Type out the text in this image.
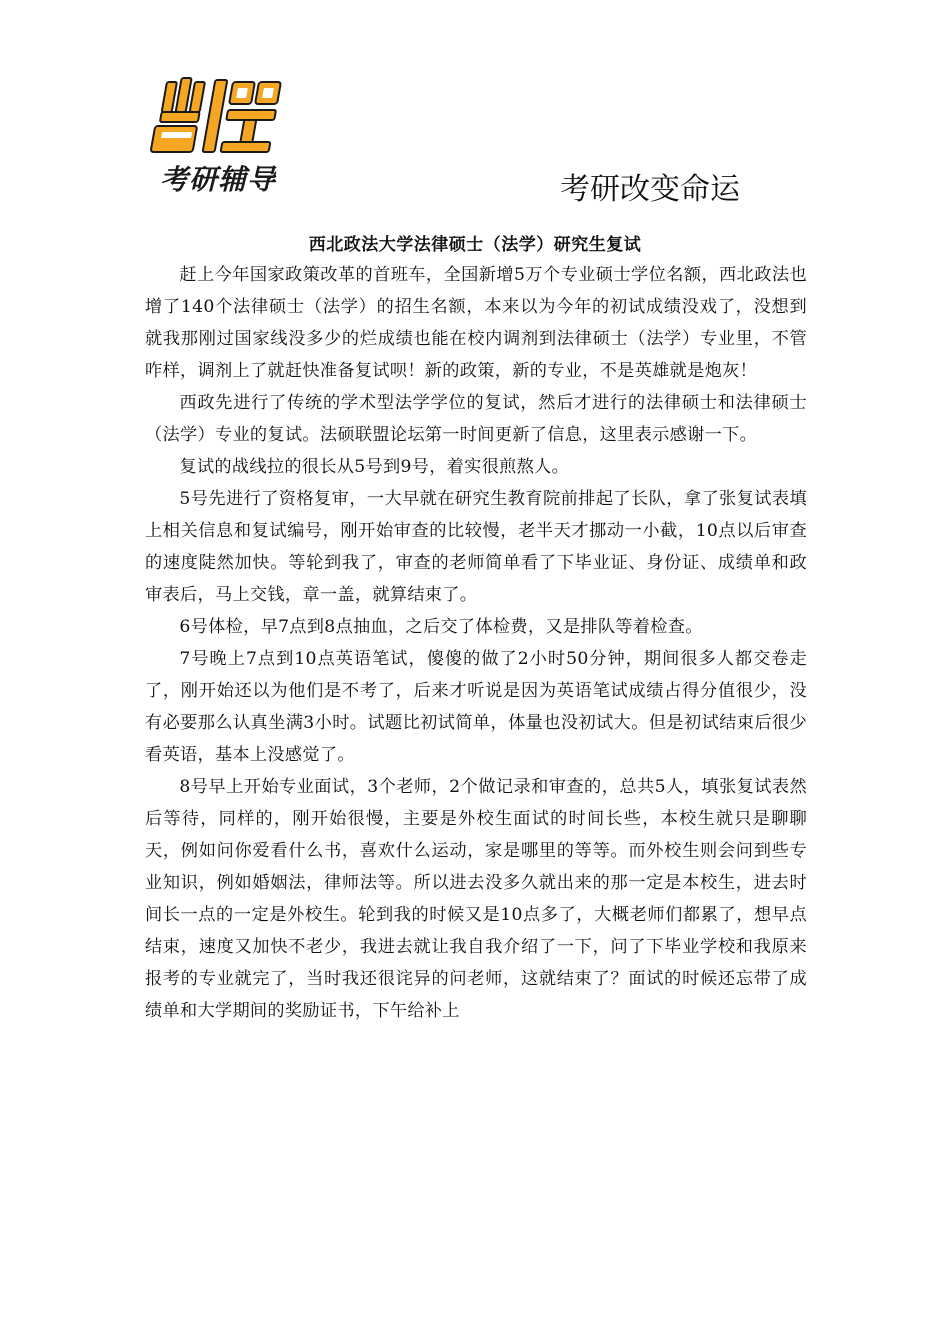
考研辅导	考研改变命运
西北政法大学法律硕士（法学）研究生复试

赶上今年国家政策改革的首班车，全国新增5万个专业硕士学位名额，西北政法也增了140个法律硕士（法学）的招生名额，本来以为今年的初试成绩没戏了，没想到就我那刚过国家线没多少的烂成绩也能在校内调剂到法律硕士（法学）专业里，不管咋样，调剂上了就赶快准备复试呗！新的政策，新的专业，不是英雄就是炮灰！

西政先进行了传统的学术型法学学位的复试，然后才进行的法律硕士和法律硕士（法学）专业的复试。法硕联盟论坛第一时间更新了信息，这里表示感谢一下。

复试的战线拉的很长从5号到9号，着实很煎熬人。

5号先进行了资格复审，一大早就在研究生教育院前排起了长队，拿了张复试表填上相关信息和复试编号，刚开始审查的比较慢，老半天才挪动一小截，10点以后审查的速度陡然加快。等轮到我了，审查的老师简单看了下毕业证、身份证、成绩单和政审表后，马上交钱，章一盖，就算结束了。

6号体检，早7点到8点抽血，之后交了体检费，又是排队等着检查。

7号晚上7点到10点英语笔试，傻傻的做了2小时50分钟，期间很多人都交卷走了，刚开始还以为他们是不考了，后来才听说是因为英语笔试成绩占得分值很少，没有必要那么认真坐满3小时。试题比初试简单，体量也没初试大。但是初试结束后很少看英语，基本上没感觉了。

8号早上开始专业面试，3个老师，2个做记录和审查的，总共5人，填张复试表然后等待，同样的，刚开始很慢，主要是外校生面试的时间长些，本校生就只是聊聊天，例如问你爱看什么书，喜欢什么运动，家是哪里的等等。而外校生则会问到些专业知识，例如婚姻法，律师法等。所以进去没多久就出来的那一定是本校生，进去时间长一点的一定是外校生。轮到我的时候又是10点多了，大概老师们都累了，想早点结束，速度又加快不老少，我进去就让我自我介绍了一下，问了下毕业学校和我原来报考的专业就完了，当时我还很诧异的问老师，这就结束了？面试的时候还忘带了成绩单和大学期间的奖励证书，下午给补上
